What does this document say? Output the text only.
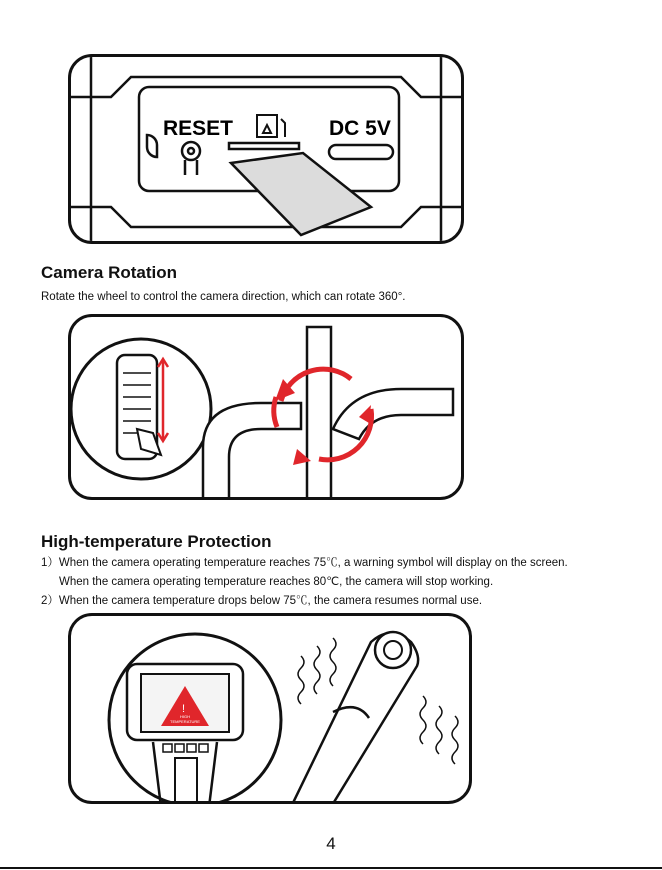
RESET	DC 5V
Camera Rotation

Rotate the wheel to control the camera direction, which can rotate 360°.

High-temperature Protection
1）When the camera operating temperature reaches 75℃, a warning symbol will display on the screen.
When the camera operating temperature reaches 80℃, the camera will stop working.
2）When the camera temperature drops below 75℃, the camera resumes normal use.
!
HIGH
TEMPERATURE
4
